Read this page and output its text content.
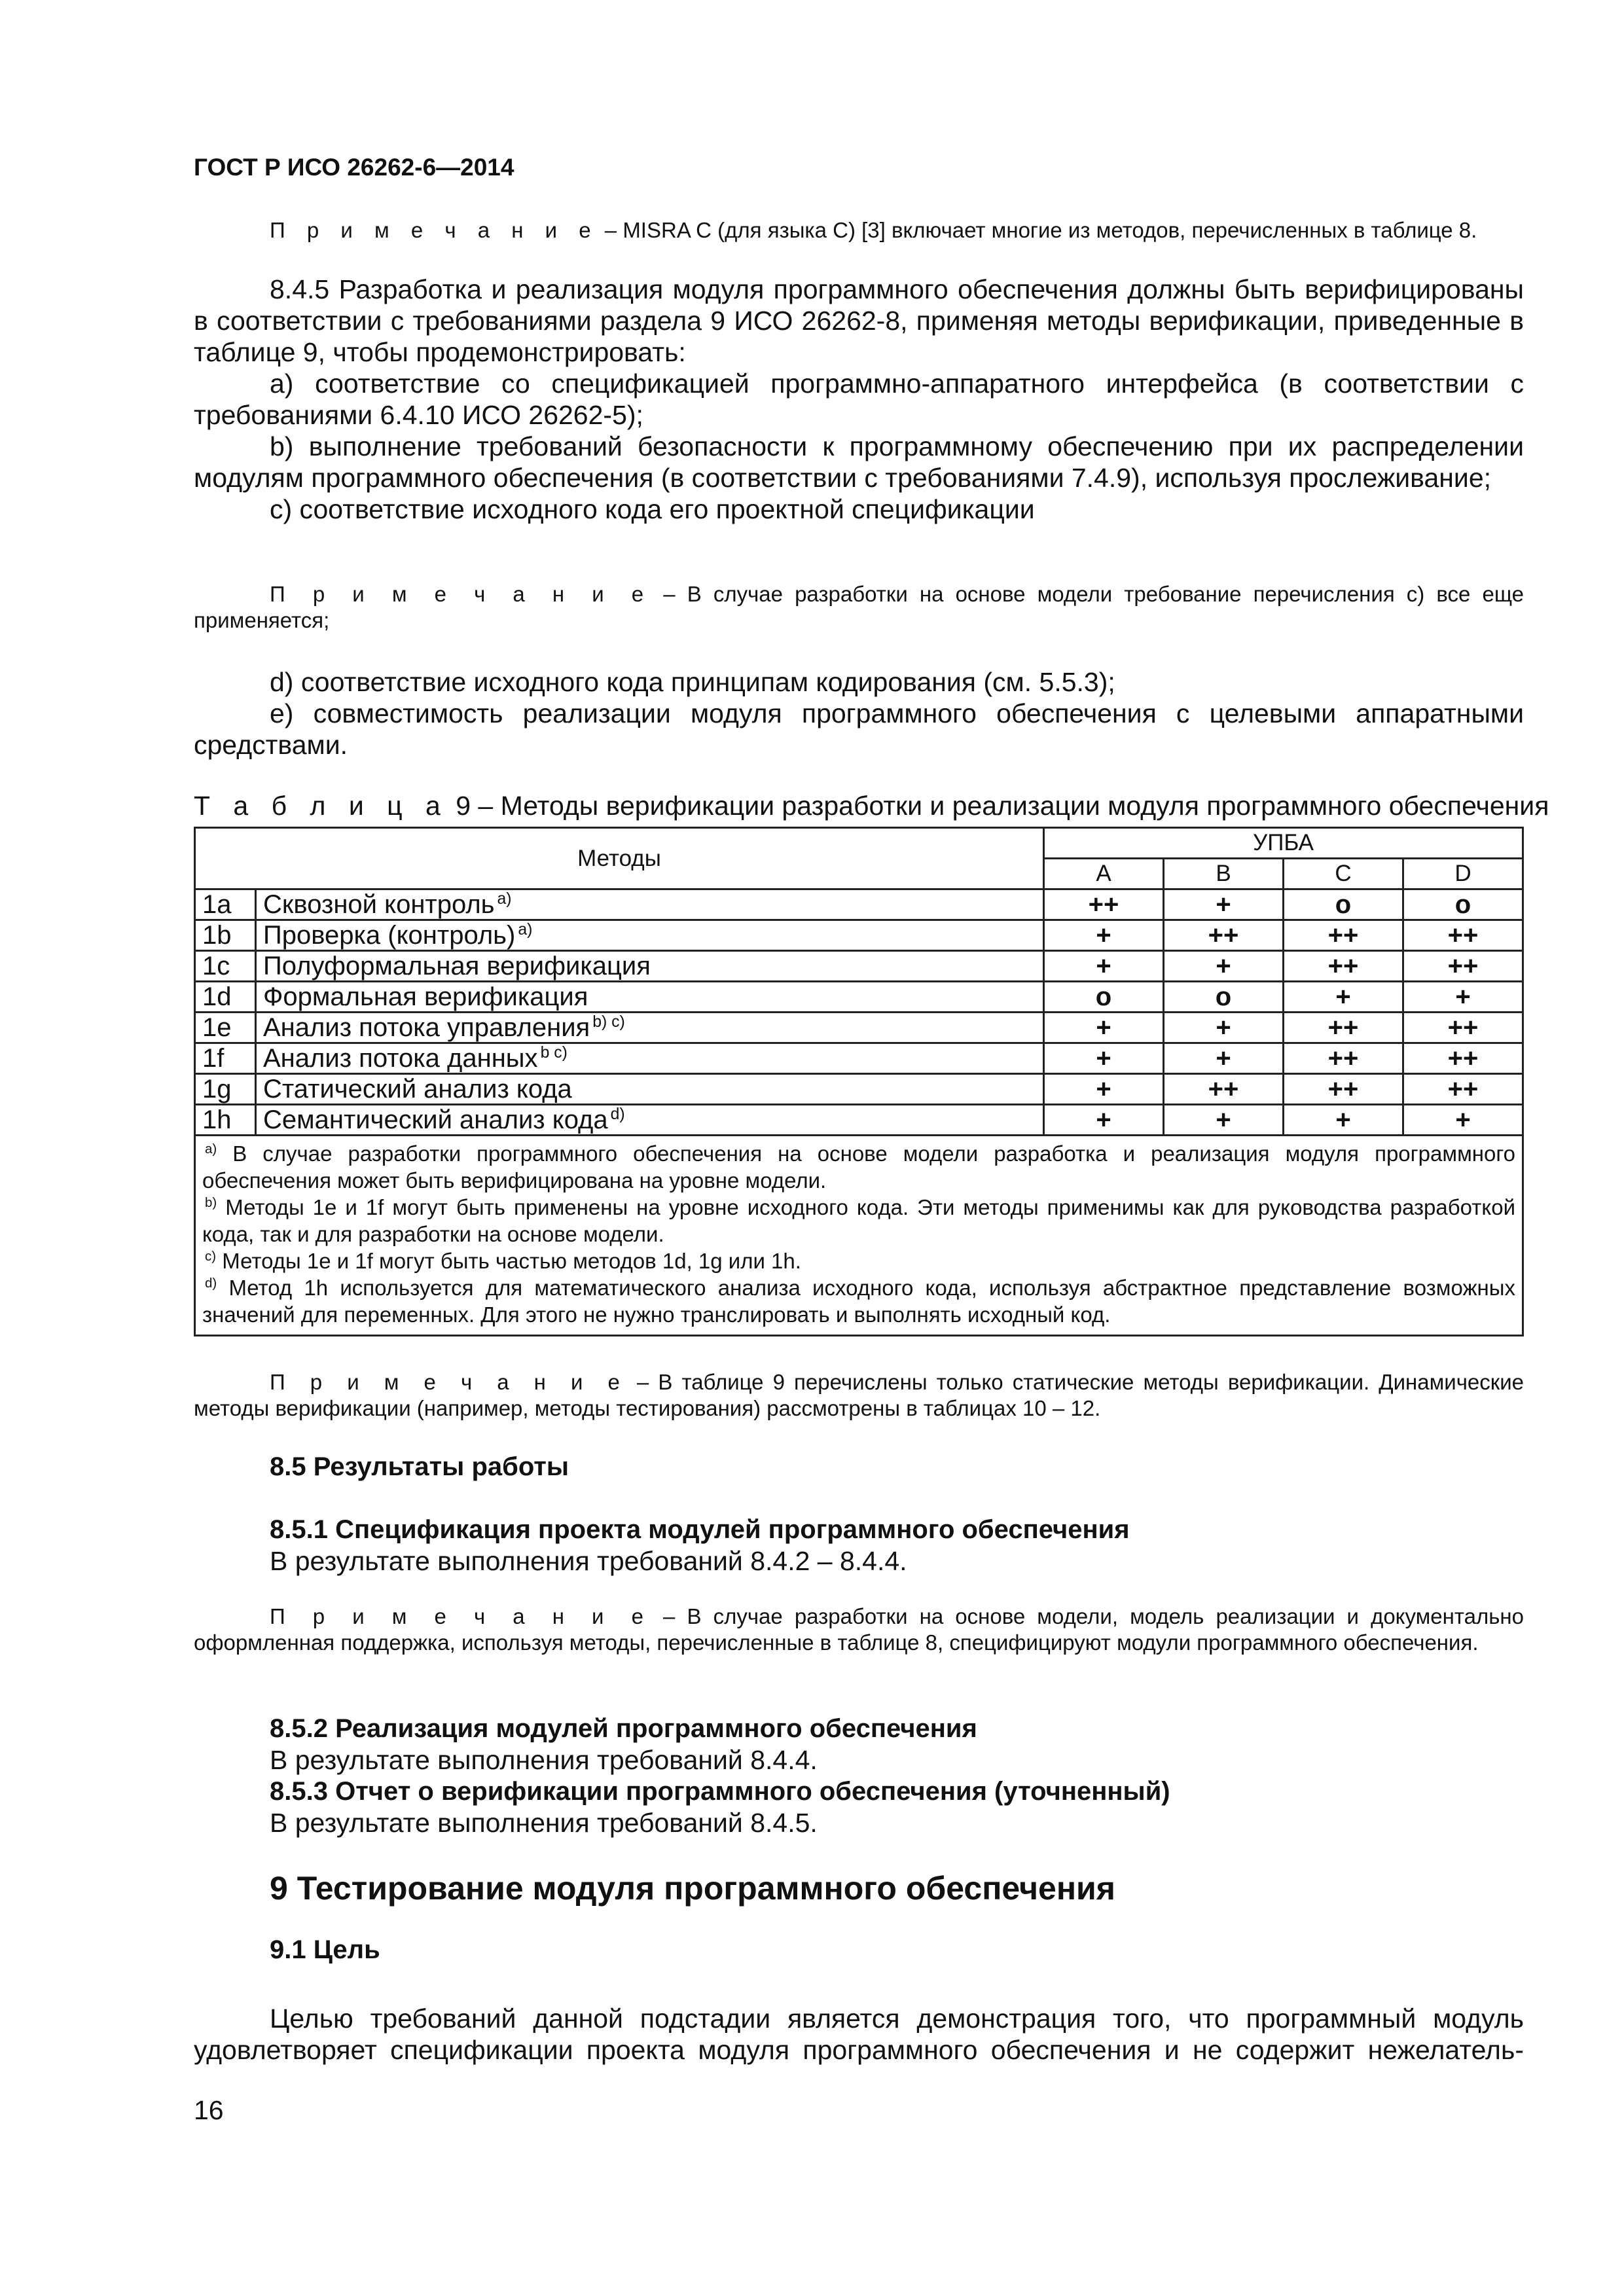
ГОСТ Р ИСО 26262-6—2014
П р и м е ч а н и е – MISRA C (для языка C) [3] включает многие из методов, перечисленных в таблице 8.
8.4.5 Разработка и реализация модуля программного обеспечения должны быть верифицированы в соответствии с требованиями раздела 9 ИСО 26262-8, применяя методы верификации, приведенные в таблице 9, чтобы продемонстрировать:
a) соответствие со спецификацией программно-аппаратного интерфейса (в соответствии с требованиями 6.4.10 ИСО 26262-5);
b) выполнение требований безопасности к программному обеспечению при их распределении модулям программного обеспечения (в соответствии с требованиями 7.4.9), используя прослеживание;
c) соответствие исходного кода его проектной спецификации
П р и м е ч а н и е – В случае разработки на основе модели требование перечисления c) все еще применяется;
d) соответствие исходного кода принципам кодирования (см. 5.5.3);
e) совместимость реализации модуля программного обеспечения с целевыми аппаратными средствами.
Т а б л и ц а 9 – Методы верификации разработки и реализации модуля программного обеспечения
Методы		УПБА			
		A	B	C	D
1a	Сквозной контроль $^{a)}$	++	+	o	o
1b	Проверка (контроль) $^{a)}$	+	++	++	++
1c	Полуформальная верификация	+	+	++	++
1d	Формальная верификация	o	o	+	+
1e	Анализ потока управления $^{b) c)}$	+	+	++	++
1f	Анализ потока данных $^{b c)}$	+	+	++	++
1g	Статический анализ кода	+	++	++	++
1h	Семантический анализ кода $^{d)}$	+	+	+	+

$^{a)}$ В случае разработки программного обеспечения на основе модели разработка и реализация модуля программного обеспечения может быть верифицирована на уровне модели.

$^{b)}$ Методы 1e и 1f могут быть применены на уровне исходного кода. Эти методы применимы как для руководства разработкой кода, так и для разработки на основе модели.

$^{c)}$ Методы 1e и 1f могут быть частью методов 1d, 1g или 1h.

$^{d)}$ Метод 1h используется для математического анализа исходного кода, используя абстрактное представление возможных значений для переменных. Для этого не нужно транслировать и выполнять исходный код.					

П р и м е ч а н и е – В таблице 9 перечислены только статические методы верификации. Динамические методы верификации (например, методы тестирования) рассмотрены в таблицах 10 – 12.
8.5 Результаты работы
8.5.1 Спецификация проекта модулей программного обеспечения
В результате выполнения требований 8.4.2 – 8.4.4.
П р и м е ч а н и е – В случае разработки на основе модели, модель реализации и документально оформленная поддержка, используя методы, перечисленные в таблице 8, специфицируют модули программного обеспечения.
8.5.2 Реализация модулей программного обеспечения
В результате выполнения требований 8.4.4.
8.5.3 Отчет о верификации программного обеспечения (уточненный)
В результате выполнения требований 8.4.5.
9 Тестирование модуля программного обеспечения
9.1 Цель
Целью требований данной подстадии является демонстрация того, что программный модуль удовлетворяет спецификации проекта модуля программного обеспечения и не содержит нежелатель-
16
